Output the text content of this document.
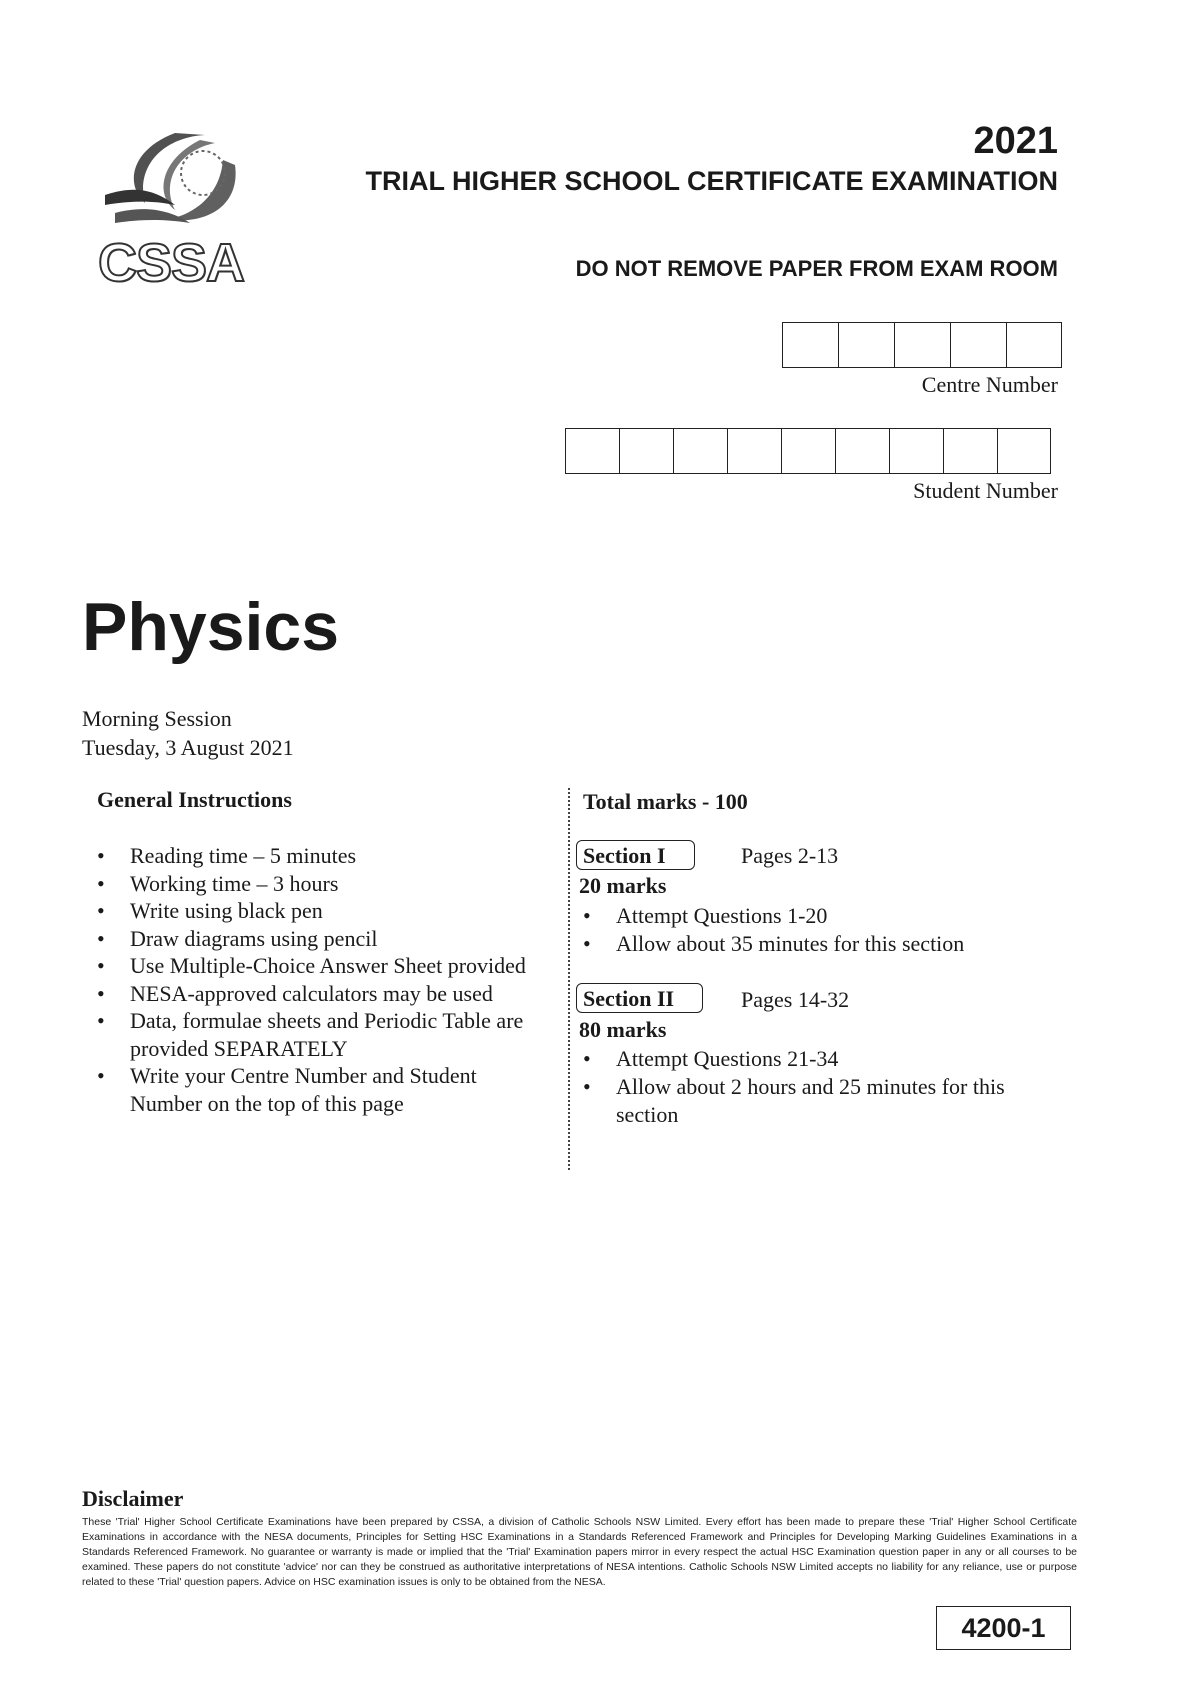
CSSA
2021
TRIAL HIGHER SCHOOL CERTIFICATE EXAMINATION
DO NOT REMOVE PAPER FROM EXAM ROOM
Centre Number
Student Number
Physics
Morning Session
Tuesday, 3 August 2021
General Instructions
• Reading time – 5 minutes
• Working time – 3 hours
• Write using black pen
• Draw diagrams using pencil
• Use Multiple-Choice Answer Sheet provided
• NESA-approved calculators may be used
• Data, formulae sheets and Periodic Table are provided SEPARATELY
• Write your Centre Number and Student Number on the top of this page
Total marks - 100
Section I	Pages 2-13
20 marks
• Attempt Questions 1-20
• Allow about 35 minutes for this section
Section II	Pages 14-32
80 marks
• Attempt Questions 21-34
• Allow about 2 hours and 25 minutes for this section
Disclaimer
These 'Trial' Higher School Certificate Examinations have been prepared by CSSA, a division of Catholic Schools NSW Limited. Every effort has been made to prepare these 'Trial' Higher School Certificate Examinations in accordance with the NESA documents, Principles for Setting HSC Examinations in a Standards Referenced Framework and Principles for Developing Marking Guidelines Examinations in a Standards Referenced Framework. No guarantee or warranty is made or implied that the 'Trial' Examination papers mirror in every respect the actual HSC Examination question paper in any or all courses to be examined. These papers do not constitute 'advice' nor can they be construed as authoritative interpretations of NESA intentions. Catholic Schools NSW Limited accepts no liability for any reliance, use or purpose related to these 'Trial' question papers. Advice on HSC examination issues is only to be obtained from the NESA.
4200-1
